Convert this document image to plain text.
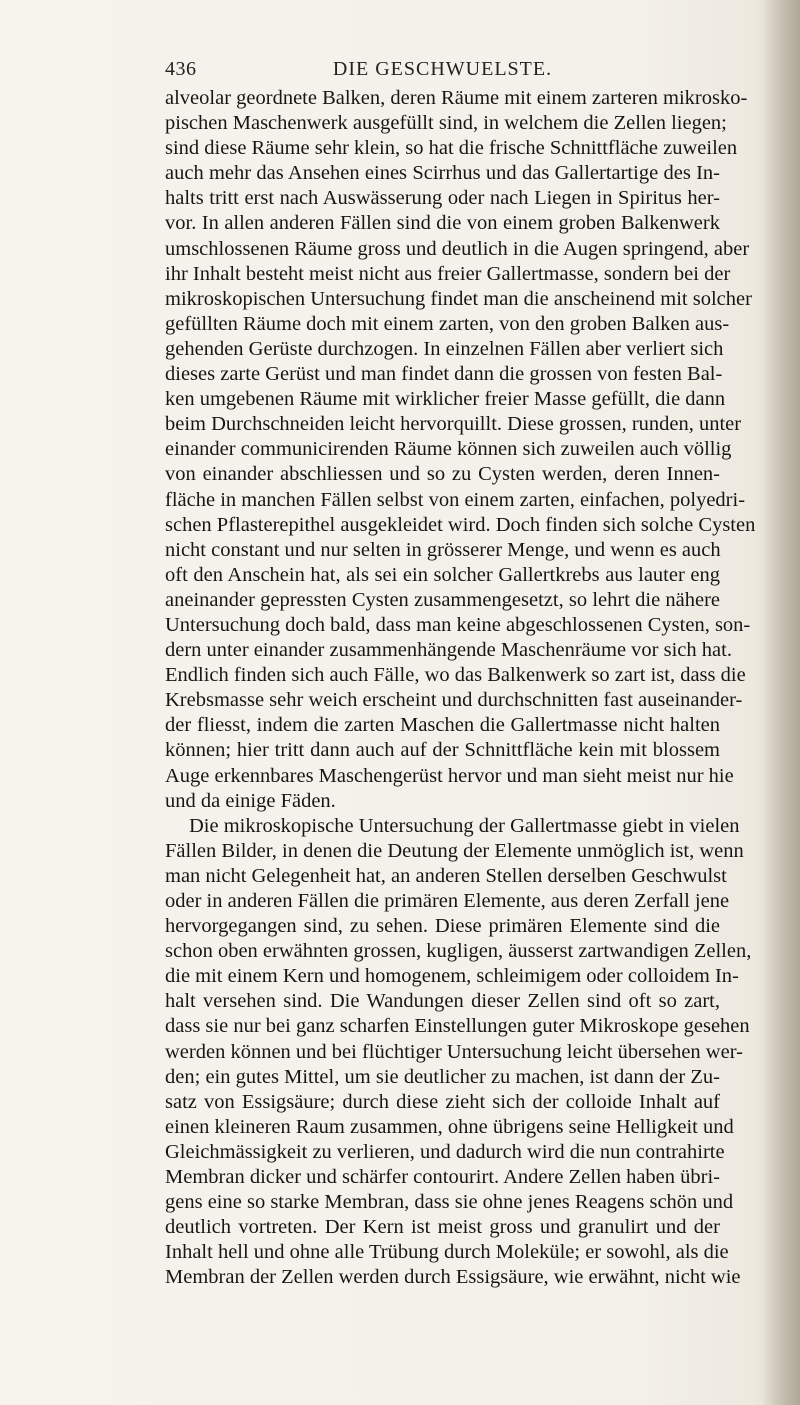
436	DIE GESCHWUELSTE.
alveolar geordnete Balken, deren Räume mit einem zarteren mikrosko-
pischen Maschenwerk ausgefüllt sind, in welchem die Zellen liegen;
sind diese Räume sehr klein, so hat die frische Schnittfläche zuweilen
auch mehr das Ansehen eines Scirrhus und das Gallertartige des In-
halts tritt erst nach Auswässerung oder nach Liegen in Spiritus her-
vor. In allen anderen Fällen sind die von einem groben Balkenwerk
umschlossenen Räume gross und deutlich in die Augen springend, aber
ihr Inhalt besteht meist nicht aus freier Gallertmasse, sondern bei der
mikroskopischen Untersuchung findet man die anscheinend mit solcher
gefüllten Räume doch mit einem zarten, von den groben Balken aus-
gehenden Gerüste durchzogen. In einzelnen Fällen aber verliert sich
dieses zarte Gerüst und man findet dann die grossen von festen Bal-
ken umgebenen Räume mit wirklicher freier Masse gefüllt, die dann
beim Durchschneiden leicht hervorquillt. Diese grossen, runden, unter
einander communicirenden Räume können sich zuweilen auch völlig
von einander abschliessen und so zu Cysten werden, deren Innen-
fläche in manchen Fällen selbst von einem zarten, einfachen, polyedri-
schen Pflasterepithel ausgekleidet wird. Doch finden sich solche Cysten
nicht constant und nur selten in grösserer Menge, und wenn es auch
oft den Anschein hat, als sei ein solcher Gallertkrebs aus lauter eng
aneinander gepressten Cysten zusammengesetzt, so lehrt die nähere
Untersuchung doch bald, dass man keine abgeschlossenen Cysten, son-
dern unter einander zusammenhängende Maschenräume vor sich hat.
Endlich finden sich auch Fälle, wo das Balkenwerk so zart ist, dass die
Krebsmasse sehr weich erscheint und durchschnitten fast auseinander-
der fliesst, indem die zarten Maschen die Gallertmasse nicht halten
können; hier tritt dann auch auf der Schnittfläche kein mit blossem
Auge erkennbares Maschengerüst hervor und man sieht meist nur hie
und da einige Fäden.
Die mikroskopische Untersuchung der Gallertmasse giebt in vielen
Fällen Bilder, in denen die Deutung der Elemente unmöglich ist, wenn
man nicht Gelegenheit hat, an anderen Stellen derselben Geschwulst
oder in anderen Fällen die primären Elemente, aus deren Zerfall jene
hervorgegangen sind, zu sehen. Diese primären Elemente sind die
schon oben erwähnten grossen, kugligen, äusserst zartwandigen Zellen,
die mit einem Kern und homogenem, schleimigem oder colloidem In-
halt versehen sind. Die Wandungen dieser Zellen sind oft so zart,
dass sie nur bei ganz scharfen Einstellungen guter Mikroskope gesehen
werden können und bei flüchtiger Untersuchung leicht übersehen wer-
den; ein gutes Mittel, um sie deutlicher zu machen, ist dann der Zu-
satz von Essigsäure; durch diese zieht sich der colloide Inhalt auf
einen kleineren Raum zusammen, ohne übrigens seine Helligkeit und
Gleichmässigkeit zu verlieren, und dadurch wird die nun contrahirte
Membran dicker und schärfer contourirt. Andere Zellen haben übri-
gens eine so starke Membran, dass sie ohne jenes Reagens schön und
deutlich vortreten. Der Kern ist meist gross und granulirt und der
Inhalt hell und ohne alle Trübung durch Moleküle; er sowohl, als die
Membran der Zellen werden durch Essigsäure, wie erwähnt, nicht wie
